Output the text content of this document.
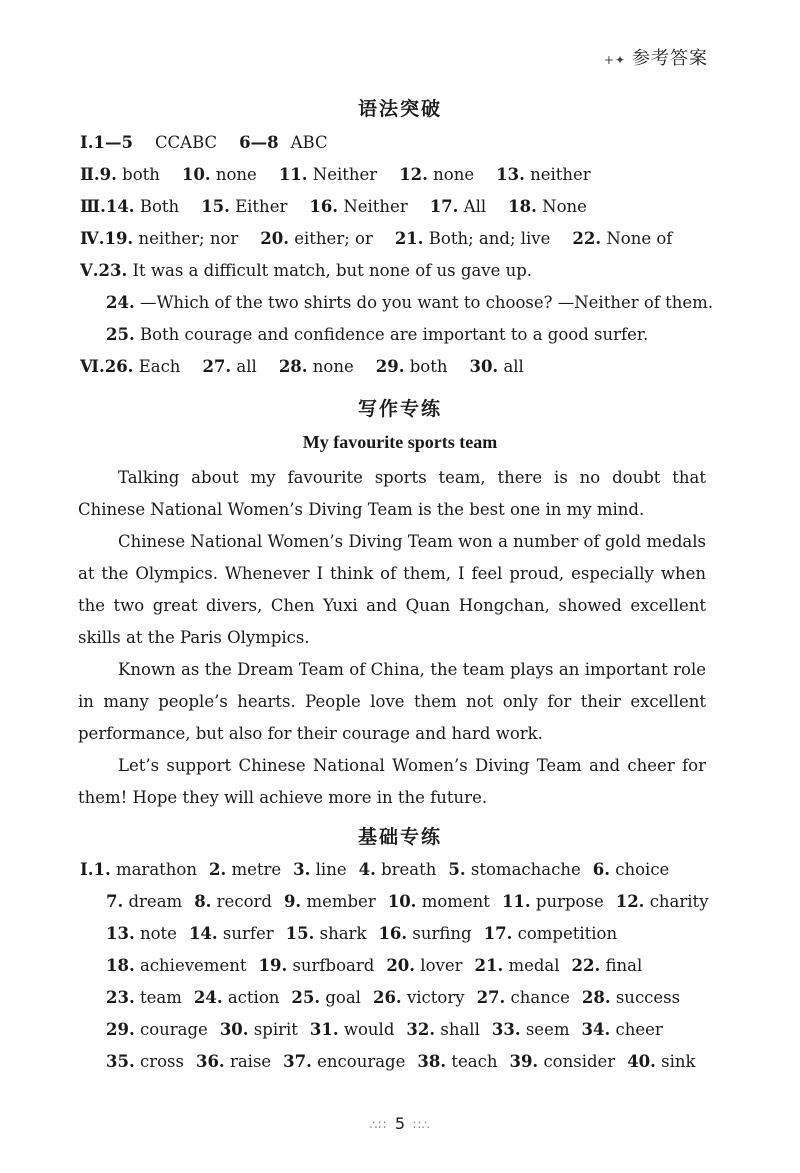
+✦ 参考答案
语法突破
Ⅰ.1—5 CCABC 6—8 ABC
Ⅱ.9. both 10. none 11. Neither 12. none 13. neither
Ⅲ.14. Both 15. Either 16. Neither 17. All 18. None
Ⅳ.19. neither; nor 20. either; or 21. Both; and; live 22. None of
Ⅴ.23. It was a difficult match, but none of us gave up.
24. —Which of the two shirts do you want to choose? —Neither of them.
25. Both courage and confidence are important to a good surfer.
Ⅵ.26. Each 27. all 28. none 29. both 30. all
写作专练
My favourite sports team
Talking about my favourite sports team, there is no doubt that Chinese National Women’s Diving Team is the best one in my mind.
Chinese National Women’s Diving Team won a number of gold medals at the Olympics. Whenever I think of them, I feel proud, especially when the two great divers, Chen Yuxi and Quan Hongchan, showed excellent skills at the Paris Olympics.
Known as the Dream Team of China, the team plays an important role in many people’s hearts. People love them not only for their excellent performance, but also for their courage and hard work.
Let’s support Chinese National Women’s Diving Team and cheer for them! Hope they will achieve more in the future.
基础专练
Ⅰ.1. marathon 2. metre 3. line 4. breath 5. stomachache 6. choice
7. dream 8. record 9. member 10. moment 11. purpose 12. charity
13. note 14. surfer 15. shark 16. surfing 17. competition
18. achievement 19. surfboard 20. lover 21. medal 22. final
23. team 24. action 25. goal 26. victory 27. chance 28. success
29. courage 30. spirit 31. would 32. shall 33. seem 34. cheer
35. cross 36. raise 37. encourage 38. teach 39. consider 40. sink
∴∷ 5 ∷∴
